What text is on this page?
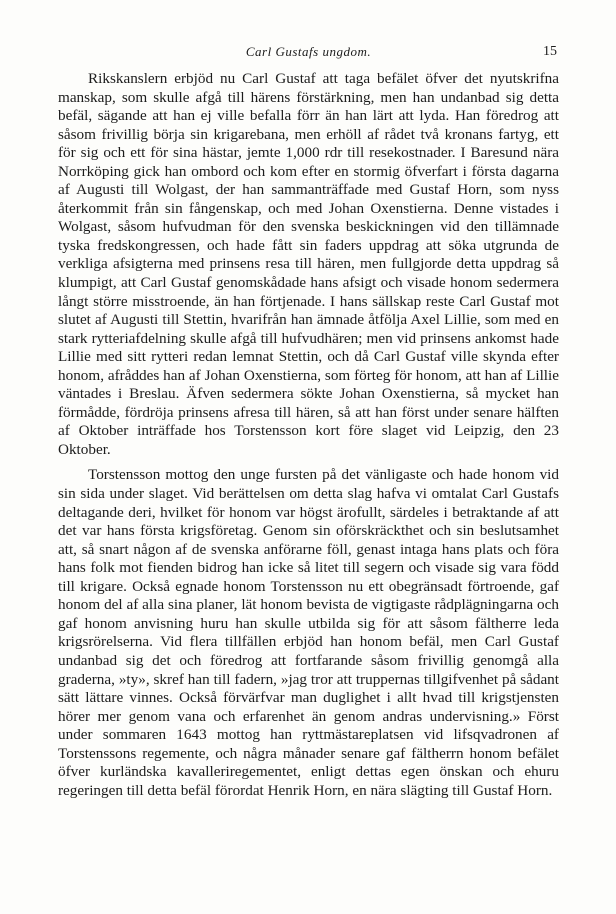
Carl Gustafs ungdom.	15

Rikskanslern erbjöd nu Carl Gustaf att taga befälet öfver det nyutskrifna manskap, som skulle afgå till härens förstärkning, men han undanbad sig detta befäl, sägande att han ej ville befalla förr än han lärt att lyda. Han föredrog att såsom frivillig börja sin krigarebana, men erhöll af rådet två kronans fartyg, ett för sig och ett för sina hästar, jemte 1,000 rdr till resekostnader. I Baresund nära Norrköping gick han ombord och kom efter en stormig öfverfart i första dagarna af Augusti till Wolgast, der han sammanträffade med Gustaf Horn, som nyss återkommit från sin fångenskap, och med Johan Oxenstierna. Denne vistades i Wolgast, såsom hufvudman för den svenska beskickningen vid den tillämnade tyska fredskongressen, och hade fått sin faders uppdrag att söka utgrunda de verkliga afsigterna med prinsens resa till hären, men fullgjorde detta uppdrag så klumpigt, att Carl Gustaf genomskådade hans afsigt och visade honom sedermera långt större misstroende, än han förtjenade. I hans sällskap reste Carl Gustaf mot slutet af Augusti till Stettin, hvarifrån han ämnade åtfölja Axel Lillie, som med en stark rytteriafdelning skulle afgå till hufvudhären; men vid prinsens ankomst hade Lillie med sitt rytteri redan lemnat Stettin, och då Carl Gustaf ville skynda efter honom, afråddes han af Johan Oxenstierna, som förteg för honom, att han af Lillie väntades i Breslau. Äfven sedermera sökte Johan Oxenstierna, så mycket han förmådde, fördröja prinsens afresa till hären, så att han först under senare hälften af Oktober inträffade hos Torstensson kort före slaget vid Leipzig, den 23 Oktober.

Torstensson mottog den unge fursten på det vänligaste och hade honom vid sin sida under slaget. Vid berättelsen om detta slag hafva vi omtalat Carl Gustafs deltagande deri, hvilket för honom var högst ärofullt, särdeles i betraktande af att det var hans första krigsföretag. Genom sin oförskräckthet och sin beslutsamhet att, så snart någon af de svenska anförarne föll, genast intaga hans plats och föra hans folk mot fienden bidrog han icke så litet till segern och visade sig vara född till krigare. Också egnade honom Torstensson nu ett obegränsadt förtroende, gaf honom del af alla sina planer, lät honom bevista de vigtigaste rådplägningarna och gaf honom anvisning huru han skulle utbilda sig för att såsom fältherre leda krigsrörelserna. Vid flera tillfällen erbjöd han honom befäl, men Carl Gustaf undanbad sig det och föredrog att fortfarande såsom frivillig genomgå alla graderna, »ty», skref han till fadern, »jag tror att truppernas tillgifvenhet på sådant sätt lättare vinnes. Också förvärfvar man duglighet i allt hvad till krigstjensten hörer mer genom vana och erfarenhet än genom andras undervisning.» Först under sommaren 1643 mottog han ryttmästareplatsen vid lifsqvadronen af Torstenssons regemente, och några månader senare gaf fältherrn honom befälet öfver kurländska kavalleriregementet, enligt dettas egen önskan och ehuru regeringen till detta befäl förordat Henrik Horn, en nära slägting till Gustaf Horn.
